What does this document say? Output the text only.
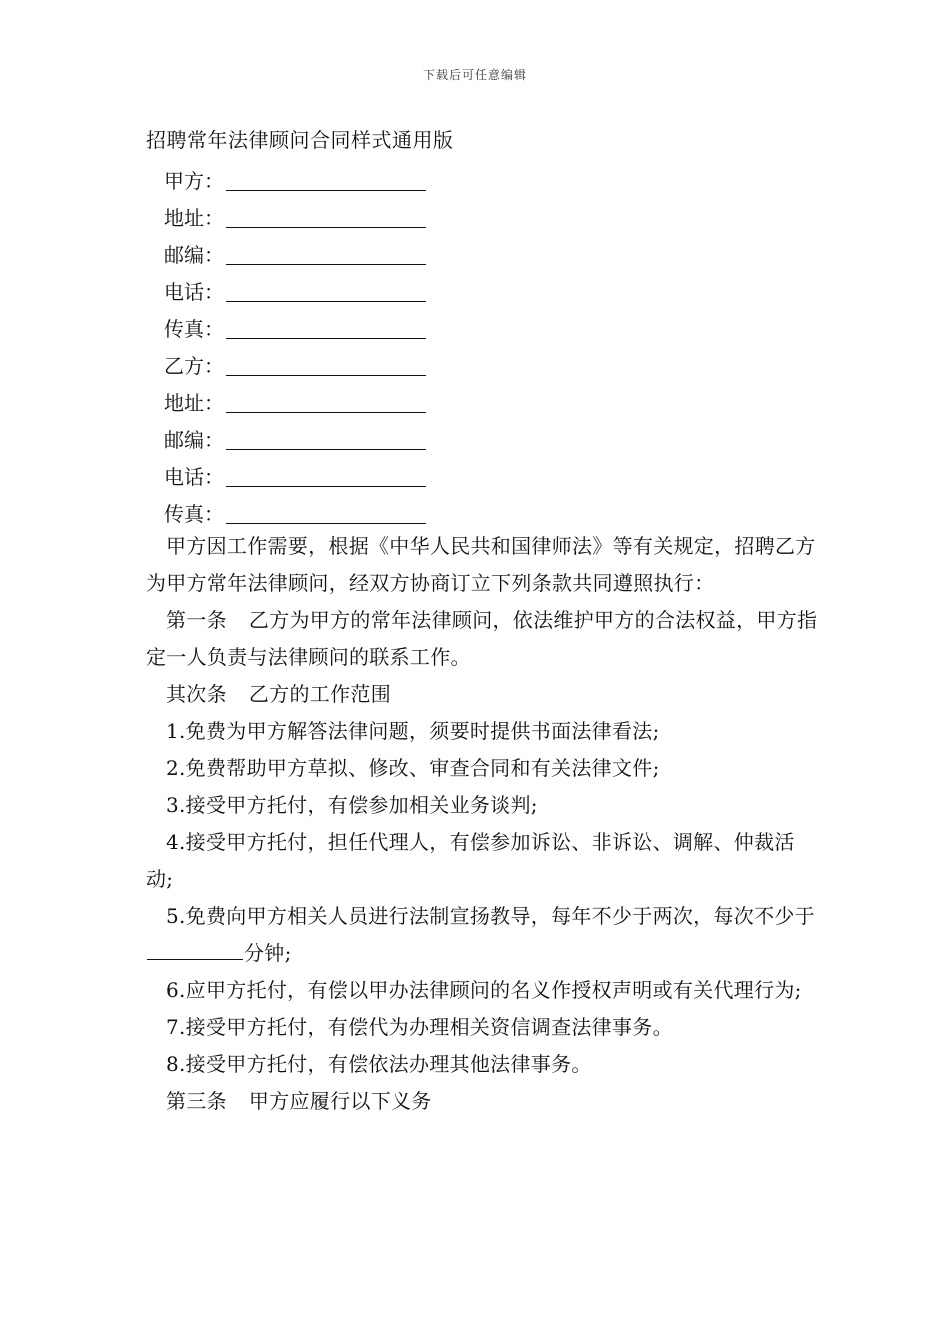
下载后可任意编辑
招聘常年法律顾问合同样式通用版
甲方：
地址：
邮编：
电话：
传真：
乙方：
地址：
邮编：
电话：
传真：

甲方因工作需要，根据《中华人民共和国律师法》等有关规定，招聘乙方为甲方常年法律顾问，经双方协商订立下列条款共同遵照执行：

第一条 乙方为甲方的常年法律顾问，依法维护甲方的合法权益，甲方指定一人负责与法律顾问的联系工作。

其次条 乙方的工作范围

1.免费为甲方解答法律问题，须要时提供书面法律看法;

2.免费帮助甲方草拟、修改、审查合同和有关法律文件;

3.接受甲方托付，有偿参加相关业务谈判;

4.接受甲方托付，担任代理人，有偿参加诉讼、非诉讼、调解、仲裁活动;

5.免费向甲方相关人员进行法制宣扬教导，每年不少于两次，每次不少于分钟;

6.应甲方托付，有偿以甲办法律顾问的名义作授权声明或有关代理行为;

7.接受甲方托付，有偿代为办理相关资信调查法律事务。

8.接受甲方托付，有偿依法办理其他法律事务。

第三条 甲方应履行以下义务
